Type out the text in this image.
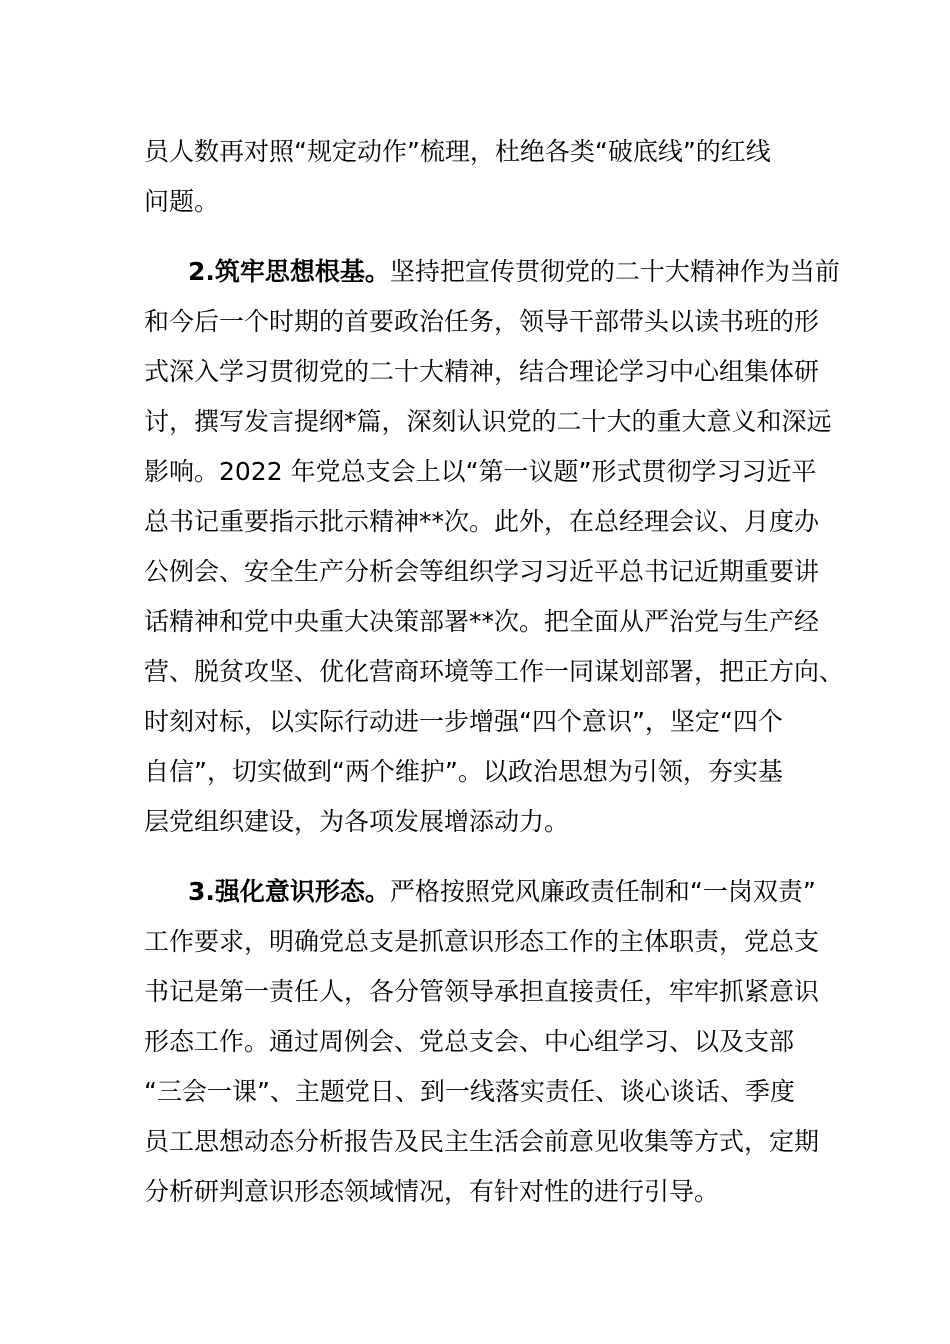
员人数再对照“规定动作”梳理，杜绝各类“破底线”的红线
问题。
2.筑牢思想根基。坚持把宣传贯彻党的二十大精神作为当前
和今后一个时期的首要政治任务，领导干部带头以读书班的形
式深入学习贯彻党的二十大精神，结合理论学习中心组集体研
讨，撰写发言提纲*篇，深刻认识党的二十大的重大意义和深远
影响。2022 年党总支会上以“第一议题”形式贯彻学习习近平
总书记重要指示批示精神**次。此外，在总经理会议、月度办
公例会、安全生产分析会等组织学习习近平总书记近期重要讲
话精神和党中央重大决策部署**次。把全面从严治党与生产经
营、脱贫攻坚、优化营商环境等工作一同谋划部署，把正方向、
时刻对标，以实际行动进一步增强“四个意识”，坚定“四个
自信”，切实做到“两个维护”。以政治思想为引领，夯实基
层党组织建设，为各项发展增添动力。
3.强化意识形态。严格按照党风廉政责任制和“一岗双责”
工作要求，明确党总支是抓意识形态工作的主体职责，党总支
书记是第一责任人，各分管领导承担直接责任，牢牢抓紧意识
形态工作。通过周例会、党总支会、中心组学习、以及支部
“三会一课”、主题党日、到一线落实责任、谈心谈话、季度
员工思想动态分析报告及民主生活会前意见收集等方式，定期
分析研判意识形态领域情况，有针对性的进行引导。
